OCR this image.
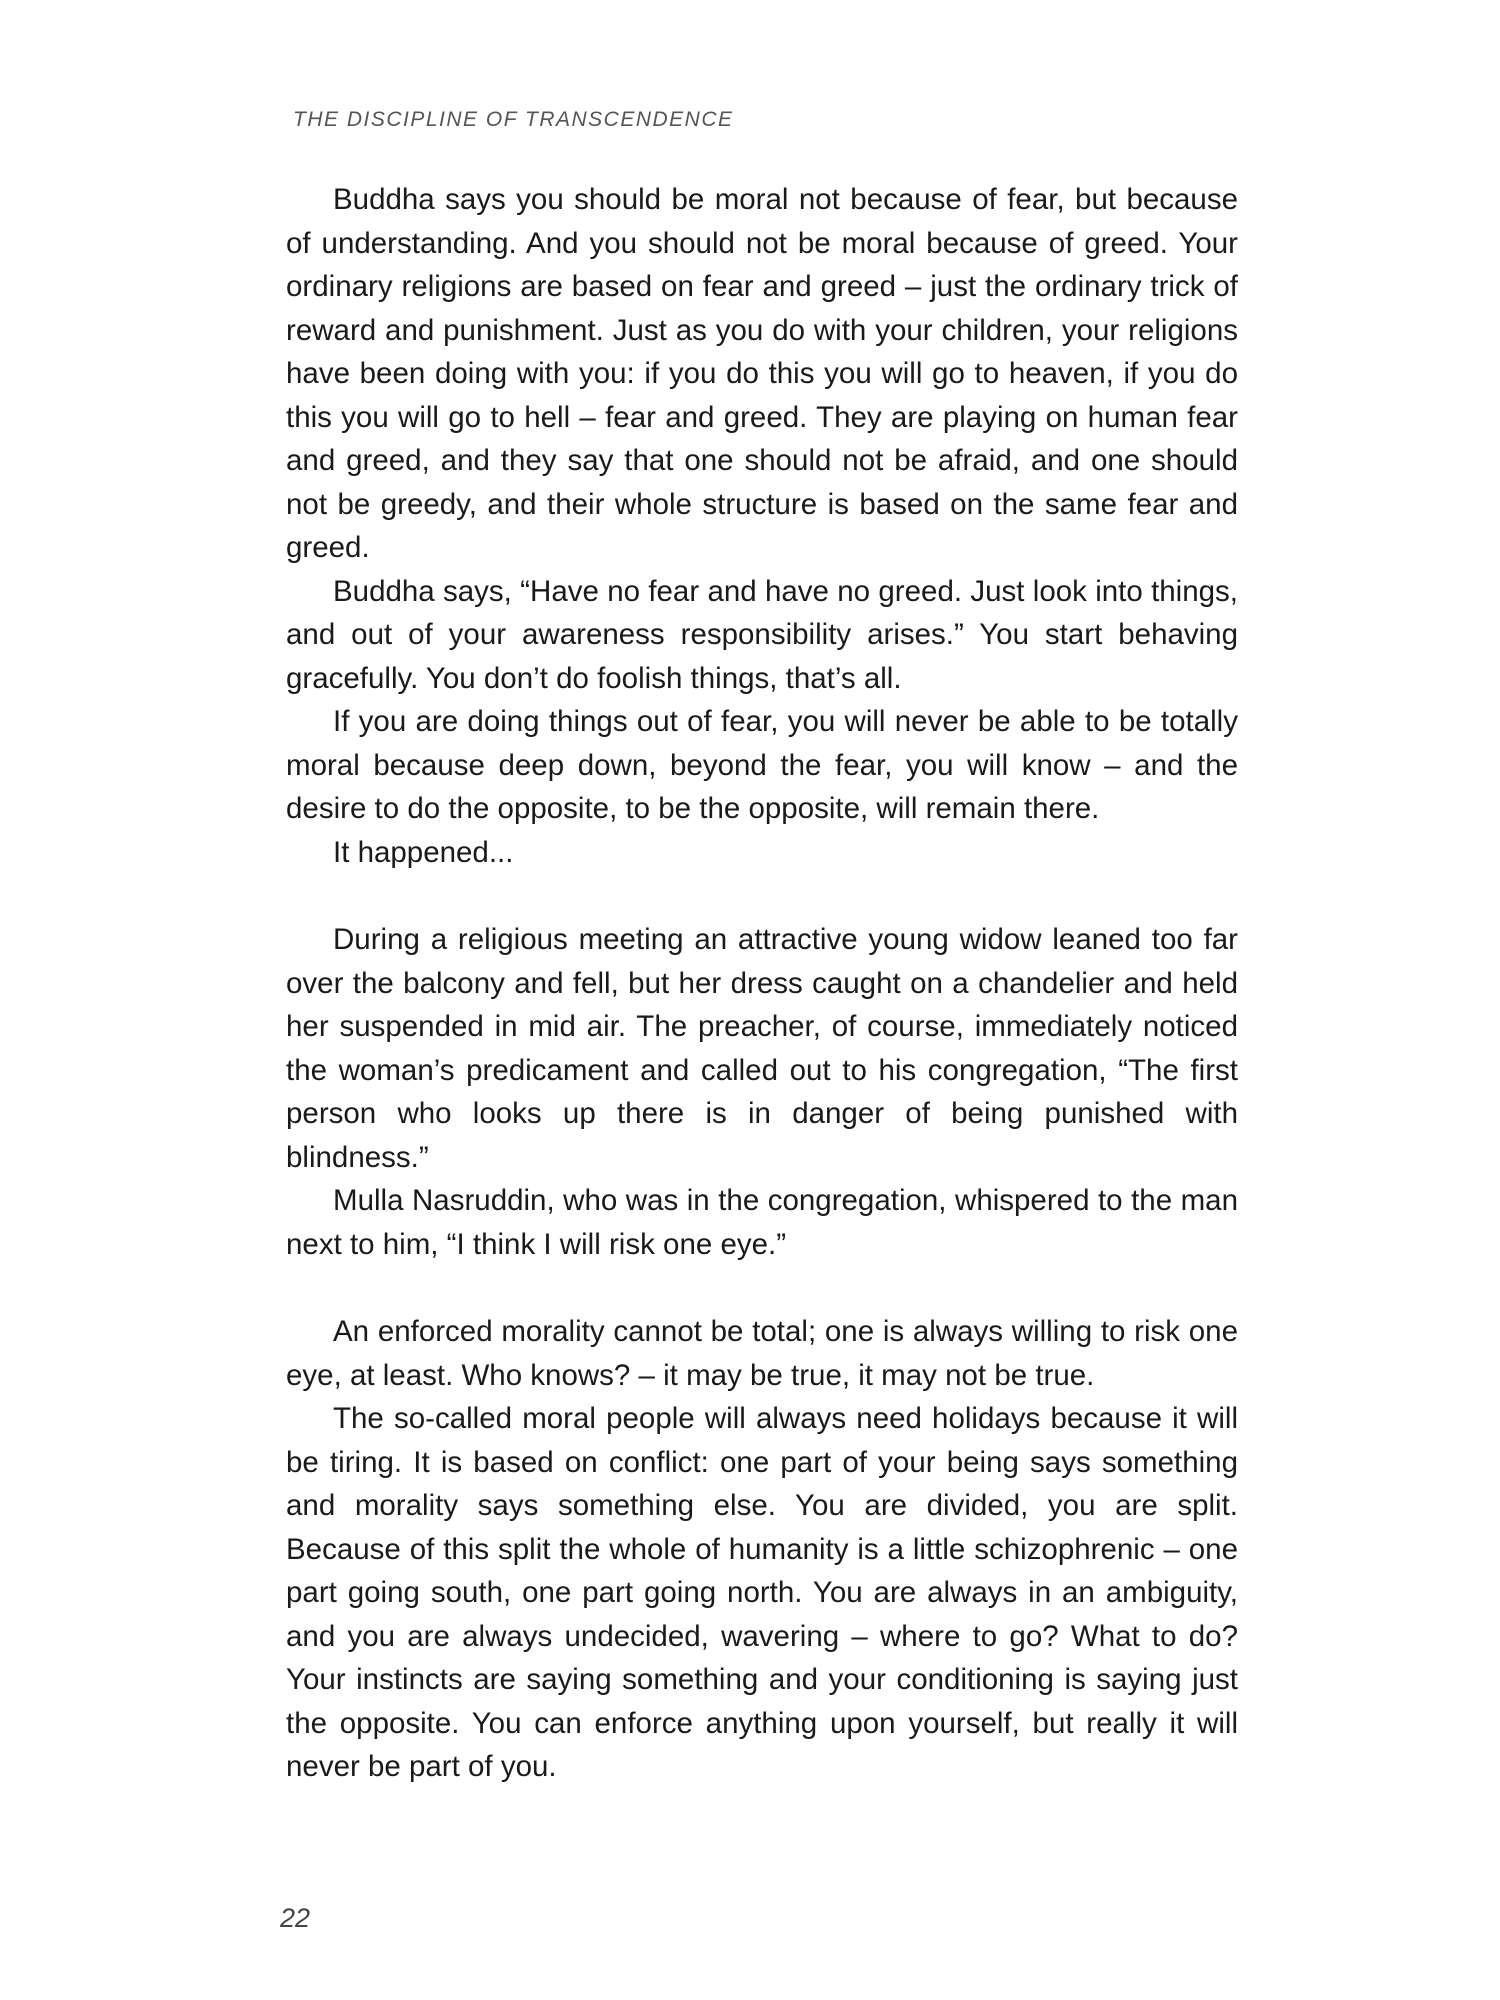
THE DISCIPLINE OF TRANSCENDENCE

Buddha says you should be moral not because of fear, but because of understanding. And you should not be moral because of greed. Your ordinary religions are based on fear and greed – just the ordinary trick of reward and punishment. Just as you do with your children, your religions have been doing with you: if you do this you will go to heaven, if you do this you will go to hell – fear and greed. They are playing on human fear and greed, and they say that one should not be afraid, and one should not be greedy, and their whole structure is based on the same fear and greed.

Buddha says, “Have no fear and have no greed. Just look into things, and out of your awareness responsibility arises.” You start behaving gracefully. You don’t do foolish things, that’s all.

If you are doing things out of fear, you will never be able to be totally moral because deep down, beyond the fear, you will know – and the desire to do the opposite, to be the opposite, will remain there.

It happened...

During a religious meeting an attractive young widow leaned too far over the balcony and fell, but her dress caught on a chandelier and held her suspended in mid air. The preacher, of course, immediately noticed the woman’s predicament and called out to his congregation, “The first person who looks up there is in danger of being punished with blindness.”

Mulla Nasruddin, who was in the congregation, whispered to the man next to him, “I think I will risk one eye.”

An enforced morality cannot be total; one is always willing to risk one eye, at least. Who knows? – it may be true, it may not be true.

The so-called moral people will always need holidays because it will be tiring. It is based on conflict: one part of your being says something and morality says something else. You are divided, you are split. Because of this split the whole of humanity is a little schizophrenic – one part going south, one part going north. You are always in an ambiguity, and you are always undecided, wavering – where to go? What to do? Your instincts are saying something and your conditioning is saying just the opposite. You can enforce anything upon yourself, but really it will never be part of you.

22
